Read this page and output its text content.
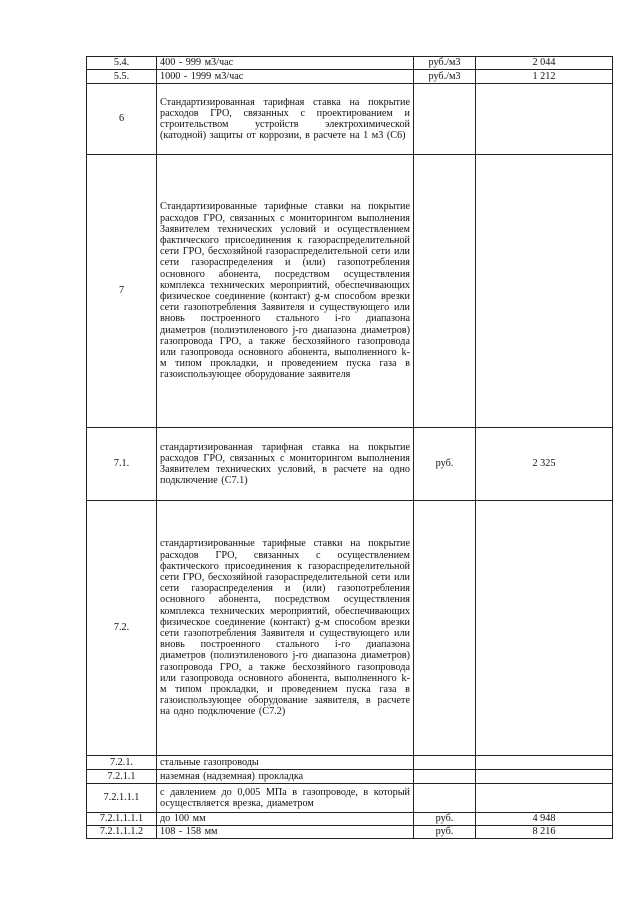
5.4.	400 - 999 м3/час	руб./м3	2 044
5.5.	1000 - 1999 м3/час	руб./м3	1 212
6	Стандартизированная тарифная ставка на покрытие расходов ГРО, связанных с проектированием и строительством устройств электрохимической (катодной) защиты от коррозии, в расчете на 1 м3 (С6)		
7	Стандартизированные тарифные ставки на покрытие расходов ГРО, связанных с мониторингом выполнения Заявителем технических условий и осуществлением фактического присоединения к газораспределительной сети ГРО, бесхозяйной газораспределительной сети или сети газораспределения и (или) газопотребления основного абонента, посредством осуществления комплекса технических мероприятий, обеспечивающих физическое соединение (контакт) g-м способом врезки сети газопотребления Заявителя и существующего или вновь построенного стального i-го диапазона диаметров (полиэтиленового j-го диапазона диаметров) газопровода ГРО, а также бесхозяйного газопровода или газопровода основного абонента, выполненного k-м типом прокладки, и проведением пуска газа в газоиспользующее оборудование заявителя		
7.1.	стандартизированная тарифная ставка на покрытие расходов ГРО, связанных с мониторингом выполнения Заявителем технических условий, в расчете на одно подключение (С7.1)	руб.	2 325
7.2.	стандартизированные тарифные ставки на покрытие расходов ГРО, связанных с осуществлением фактического присоединения к газораспределительной сети ГРО, бесхозяйной газораспределительной сети или сети газораспределения и (или) газопотребления основного абонента, посредством осуществления комплекса технических мероприятий, обеспечивающих физическое соединение (контакт) g-м способом врезки сети газопотребления Заявителя и существующего или вновь построенного стального i-го диапазона диаметров (полиэтиленового j-го диапазона диаметров) газопровода ГРО, а также бесхозяйного газопровода или газопровода основного абонента, выполненного k-м типом прокладки, и проведением пуска газа в газоиспользующее оборудование заявителя, в расчете на одно подключение (С7.2)		
7.2.1.	стальные газопроводы		
7.2.1.1	наземная (надземная) прокладка		
7.2.1.1.1	с давлением до 0,005 МПа в газопроводе, в который осуществляется врезка, диаметром		
7.2.1.1.1.1	до 100 мм	руб.	4 948
7.2.1.1.1.2	108 - 158 мм	руб.	8 216
